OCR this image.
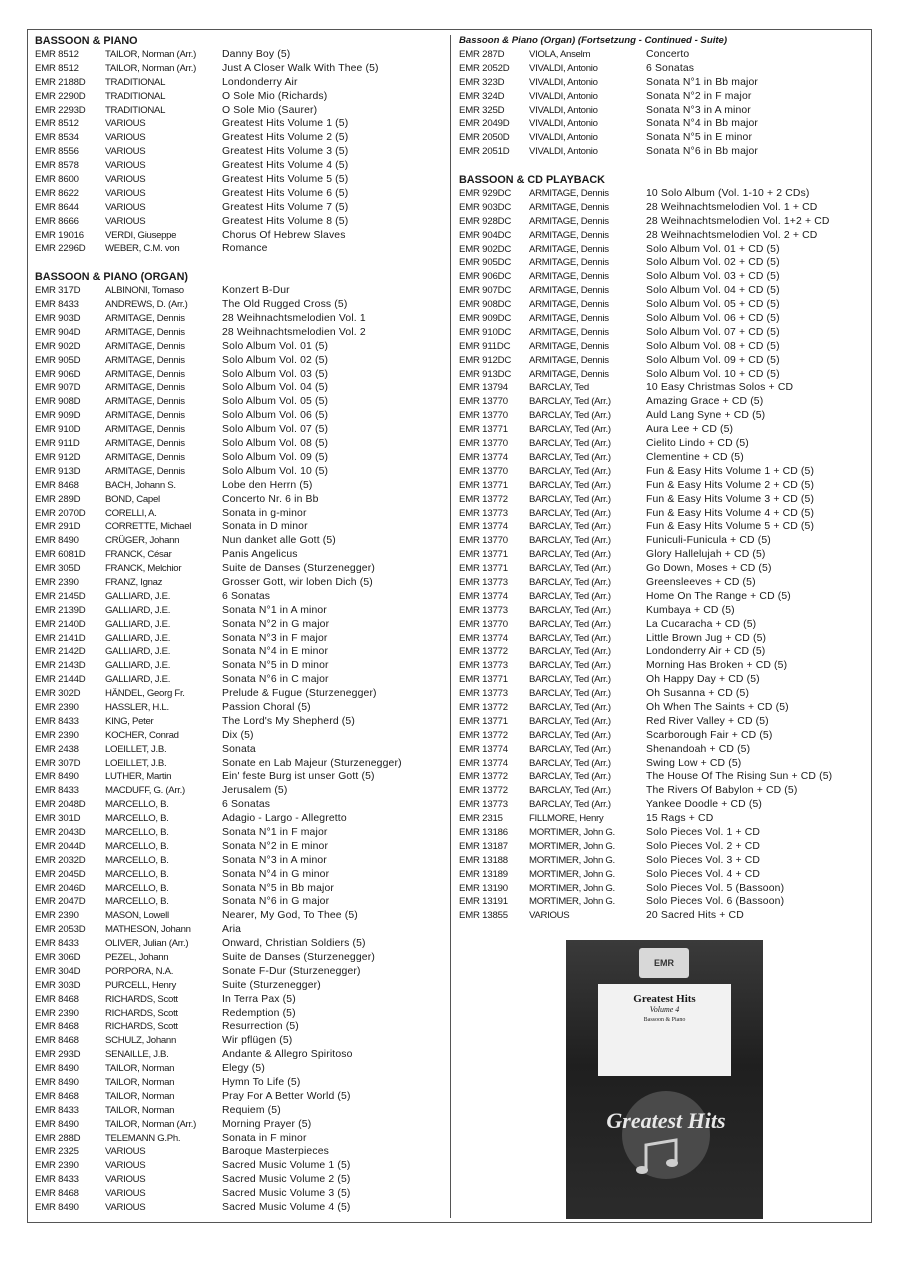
BASSOON & PIANO
EMR 8512	TAILOR, Norman (Arr.)	Danny Boy (5)
EMR 8512	TAILOR, Norman (Arr.)	Just A Closer Walk With Thee (5)
EMR 2188D	TRADITIONAL	Londonderry Air
EMR 2290D	TRADITIONAL	O Sole Mio (Richards)
EMR 2293D	TRADITIONAL	O Sole Mio (Saurer)
EMR 8512	VARIOUS	Greatest Hits Volume 1 (5)
EMR 8534	VARIOUS	Greatest Hits Volume 2 (5)
EMR 8556	VARIOUS	Greatest Hits Volume 3 (5)
EMR 8578	VARIOUS	Greatest Hits Volume 4 (5)
EMR 8600	VARIOUS	Greatest Hits Volume 5 (5)
EMR 8622	VARIOUS	Greatest Hits Volume 6 (5)
EMR 8644	VARIOUS	Greatest Hits Volume 7 (5)
EMR 8666	VARIOUS	Greatest Hits Volume 8 (5)
EMR 19016	VERDI, Giuseppe	Chorus Of Hebrew Slaves
EMR 2296D	WEBER, C.M. von	Romance
BASSOON & PIANO (ORGAN)
EMR 317D	ALBINONI, Tomaso	Konzert B-Dur
EMR 8433	ANDREWS, D. (Arr.)	The Old Rugged Cross (5)
EMR 903D	ARMITAGE, Dennis	28 Weihnachtsmelodien Vol. 1
EMR 904D	ARMITAGE, Dennis	28 Weihnachtsmelodien Vol. 2
EMR 902D	ARMITAGE, Dennis	Solo Album Vol. 01 (5)
EMR 905D	ARMITAGE, Dennis	Solo Album Vol. 02 (5)
EMR 906D	ARMITAGE, Dennis	Solo Album Vol. 03 (5)
EMR 907D	ARMITAGE, Dennis	Solo Album Vol. 04 (5)
EMR 908D	ARMITAGE, Dennis	Solo Album Vol. 05 (5)
EMR 909D	ARMITAGE, Dennis	Solo Album Vol. 06 (5)
EMR 910D	ARMITAGE, Dennis	Solo Album Vol. 07 (5)
EMR 911D	ARMITAGE, Dennis	Solo Album Vol. 08 (5)
EMR 912D	ARMITAGE, Dennis	Solo Album Vol. 09 (5)
EMR 913D	ARMITAGE, Dennis	Solo Album Vol. 10 (5)
EMR 8468	BACH, Johann S.	Lobe den Herrn (5)
EMR 289D	BOND, Capel	Concerto Nr. 6 in Bb
EMR 2070D	CORELLI, A.	Sonata in g-minor
EMR 291D	CORRETTE, Michael	Sonata in D minor
EMR 8490	CRÜGER, Johann	Nun danket alle Gott (5)
EMR 6081D	FRANCK, César	Panis Angelicus
EMR 305D	FRANCK, Melchior	Suite de Danses (Sturzenegger)
EMR 2390	FRANZ, Ignaz	Grosser Gott, wir loben Dich (5)
EMR 2145D	GALLIARD, J.E.	6 Sonatas
EMR 2139D	GALLIARD, J.E.	Sonata N°1 in A minor
EMR 2140D	GALLIARD, J.E.	Sonata N°2 in G major
EMR 2141D	GALLIARD, J.E.	Sonata N°3 in F major
EMR 2142D	GALLIARD, J.E.	Sonata N°4 in E minor
EMR 2143D	GALLIARD, J.E.	Sonata N°5 in D minor
EMR 2144D	GALLIARD, J.E.	Sonata N°6 in C major
EMR 302D	HÄNDEL, Georg Fr.	Prelude & Fugue (Sturzenegger)
EMR 2390	HASSLER, H.L.	Passion Choral (5)
EMR 8433	KING, Peter	The Lord's My Shepherd (5)
EMR 2390	KOCHER, Conrad	Dix (5)
EMR 2438	LOEILLET, J.B.	Sonata
EMR 307D	LOEILLET, J.B.	Sonate en Lab Majeur (Sturzenegger)
EMR 8490	LUTHER, Martin	Ein' feste Burg ist unser Gott (5)
EMR 8433	MACDUFF, G. (Arr.)	Jerusalem (5)
EMR 2048D	MARCELLO, B.	6 Sonatas
EMR 301D	MARCELLO, B.	Adagio - Largo - Allegretto
EMR 2043D	MARCELLO, B.	Sonata N°1 in F major
EMR 2044D	MARCELLO, B.	Sonata N°2 in E minor
EMR 2032D	MARCELLO, B.	Sonata N°3 in A minor
EMR 2045D	MARCELLO, B.	Sonata N°4 in G minor
EMR 2046D	MARCELLO, B.	Sonata N°5 in Bb major
EMR 2047D	MARCELLO, B.	Sonata N°6 in G major
EMR 2390	MASON, Lowell	Nearer, My God, To Thee (5)
EMR 2053D	MATHESON, Johann	Aria
EMR 8433	OLIVER, Julian (Arr.)	Onward, Christian Soldiers (5)
EMR 306D	PEZEL, Johann	Suite de Danses (Sturzenegger)
EMR 304D	PORPORA, N.A.	Sonate F-Dur (Sturzenegger)
EMR 303D	PURCELL, Henry	Suite (Sturzenegger)
EMR 8468	RICHARDS, Scott	In Terra Pax (5)
EMR 2390	RICHARDS, Scott	Redemption (5)
EMR 8468	RICHARDS, Scott	Resurrection (5)
EMR 8468	SCHULZ, Johann	Wir pflügen (5)
EMR 293D	SENAILLE, J.B.	Andante & Allegro Spiritoso
EMR 8490	TAILOR, Norman	Elegy (5)
EMR 8490	TAILOR, Norman	Hymn To Life (5)
EMR 8468	TAILOR, Norman	Pray For A Better World (5)
EMR 8433	TAILOR, Norman	Requiem (5)
EMR 8490	TAILOR, Norman (Arr.)	Morning Prayer (5)
EMR 288D	TELEMANN G.Ph.	Sonata in F minor
EMR 2325	VARIOUS	Baroque Masterpieces
EMR 2390	VARIOUS	Sacred Music Volume 1 (5)
EMR 8433	VARIOUS	Sacred Music Volume 2 (5)
EMR 8468	VARIOUS	Sacred Music Volume 3 (5)
EMR 8490	VARIOUS	Sacred Music Volume 4 (5)
Bassoon & Piano (Organ) (Fortsetzung - Continued - Suite)
EMR 287D	VIOLA, Anselm	Concerto
EMR 2052D	VIVALDI, Antonio	6 Sonatas
EMR 323D	VIVALDI, Antonio	Sonata N°1 in Bb major
EMR 324D	VIVALDI, Antonio	Sonata N°2 in F major
EMR 325D	VIVALDI, Antonio	Sonata N°3 in A minor
EMR 2049D	VIVALDI, Antonio	Sonata N°4 in Bb major
EMR 2050D	VIVALDI, Antonio	Sonata N°5 in E minor
EMR 2051D	VIVALDI, Antonio	Sonata N°6 in Bb major
BASSOON & CD PLAYBACK
EMR 929DC	ARMITAGE, Dennis	10 Solo Album (Vol. 1-10 + 2 CDs)
EMR 903DC	ARMITAGE, Dennis	28 Weihnachtsmelodien Vol. 1 + CD
EMR 928DC	ARMITAGE, Dennis	28 Weihnachtsmelodien Vol. 1+2 + CD
EMR 904DC	ARMITAGE, Dennis	28 Weihnachtsmelodien Vol. 2 + CD
EMR 902DC	ARMITAGE, Dennis	Solo Album Vol. 01 + CD (5)
EMR 905DC	ARMITAGE, Dennis	Solo Album Vol. 02 + CD (5)
EMR 906DC	ARMITAGE, Dennis	Solo Album Vol. 03 + CD (5)
EMR 907DC	ARMITAGE, Dennis	Solo Album Vol. 04 + CD (5)
EMR 908DC	ARMITAGE, Dennis	Solo Album Vol. 05 + CD (5)
EMR 909DC	ARMITAGE, Dennis	Solo Album Vol. 06 + CD (5)
EMR 910DC	ARMITAGE, Dennis	Solo Album Vol. 07 + CD (5)
EMR 911DC	ARMITAGE, Dennis	Solo Album Vol. 08 + CD (5)
EMR 912DC	ARMITAGE, Dennis	Solo Album Vol. 09 + CD (5)
EMR 913DC	ARMITAGE, Dennis	Solo Album Vol. 10 + CD (5)
EMR 13794	BARCLAY, Ted	10 Easy Christmas Solos + CD
EMR 13770	BARCLAY, Ted (Arr.)	Amazing Grace + CD (5)
EMR 13770	BARCLAY, Ted (Arr.)	Auld Lang Syne + CD (5)
EMR 13771	BARCLAY, Ted (Arr.)	Aura Lee + CD (5)
EMR 13770	BARCLAY, Ted (Arr.)	Cielito Lindo + CD (5)
EMR 13774	BARCLAY, Ted (Arr.)	Clementine + CD (5)
EMR 13770	BARCLAY, Ted (Arr.)	Fun & Easy Hits Volume 1 + CD (5)
EMR 13771	BARCLAY, Ted (Arr.)	Fun & Easy Hits Volume 2 + CD (5)
EMR 13772	BARCLAY, Ted (Arr.)	Fun & Easy Hits Volume 3 + CD (5)
EMR 13773	BARCLAY, Ted (Arr.)	Fun & Easy Hits Volume 4 + CD (5)
EMR 13774	BARCLAY, Ted (Arr.)	Fun & Easy Hits Volume 5 + CD (5)
EMR 13770	BARCLAY, Ted (Arr.)	Funiculi-Funicula + CD (5)
EMR 13771	BARCLAY, Ted (Arr.)	Glory Hallelujah + CD (5)
EMR 13771	BARCLAY, Ted (Arr.)	Go Down, Moses + CD (5)
EMR 13773	BARCLAY, Ted (Arr.)	Greensleeves + CD (5)
EMR 13774	BARCLAY, Ted (Arr.)	Home On The Range + CD (5)
EMR 13773	BARCLAY, Ted (Arr.)	Kumbaya + CD (5)
EMR 13770	BARCLAY, Ted (Arr.)	La Cucaracha + CD (5)
EMR 13774	BARCLAY, Ted (Arr.)	Little Brown Jug + CD (5)
EMR 13772	BARCLAY, Ted (Arr.)	Londonderry Air + CD (5)
EMR 13773	BARCLAY, Ted (Arr.)	Morning Has Broken + CD (5)
EMR 13771	BARCLAY, Ted (Arr.)	Oh Happy Day + CD (5)
EMR 13773	BARCLAY, Ted (Arr.)	Oh Susanna + CD (5)
EMR 13772	BARCLAY, Ted (Arr.)	Oh When The Saints + CD (5)
EMR 13771	BARCLAY, Ted (Arr.)	Red River Valley + CD (5)
EMR 13772	BARCLAY, Ted (Arr.)	Scarborough Fair + CD (5)
EMR 13774	BARCLAY, Ted (Arr.)	Shenandoah + CD (5)
EMR 13774	BARCLAY, Ted (Arr.)	Swing Low + CD (5)
EMR 13772	BARCLAY, Ted (Arr.)	The House Of The Rising Sun + CD (5)
EMR 13772	BARCLAY, Ted (Arr.)	The Rivers Of Babylon + CD (5)
EMR 13773	BARCLAY, Ted (Arr.)	Yankee Doodle + CD (5)
EMR 2315	FILLMORE, Henry	15 Rags + CD
EMR 13186	MORTIMER, John G.	Solo Pieces Vol. 1 + CD
EMR 13187	MORTIMER, John G.	Solo Pieces Vol. 2 + CD
EMR 13188	MORTIMER, John G.	Solo Pieces Vol. 3 + CD
EMR 13189	MORTIMER, John G.	Solo Pieces Vol. 4 + CD
EMR 13190	MORTIMER, John G.	Solo Pieces Vol. 5 (Bassoon)
EMR 13191	MORTIMER, John G.	Solo Pieces Vol. 6 (Bassoon)
EMR 13855	VARIOUS	20 Sacred Hits + CD
EMR
Greatest Hits
Volume 4
Bassoon & Piano
Greatest Hits
